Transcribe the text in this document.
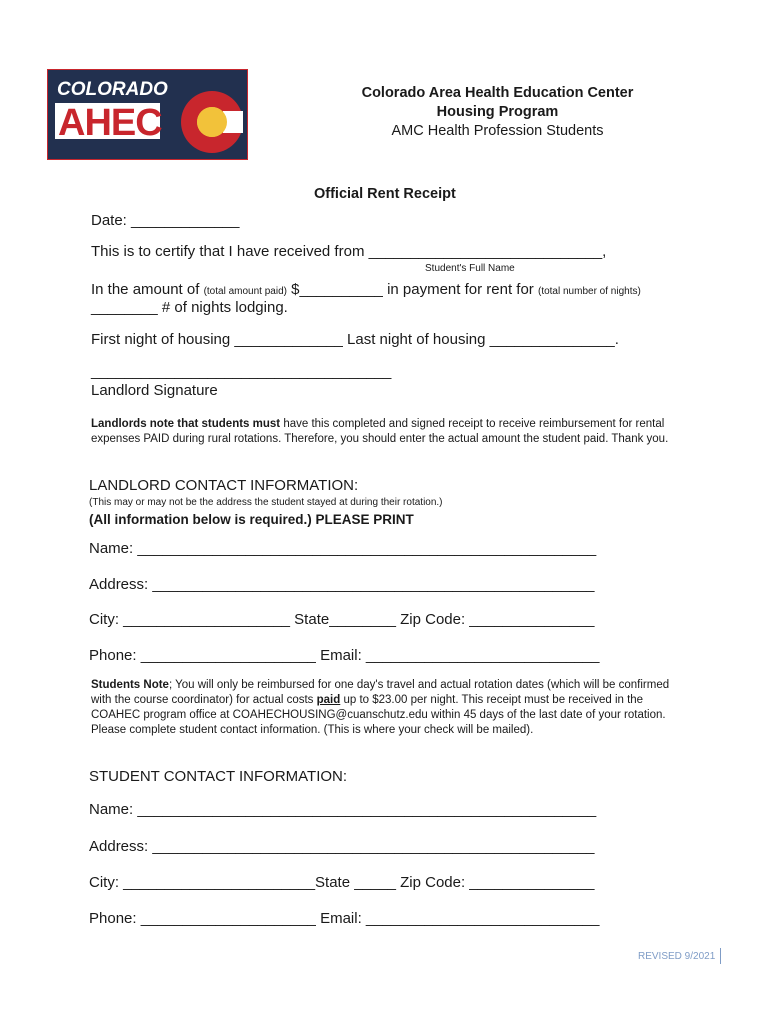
COLORADO
AHEC
Colorado Area Health Education Center
Housing Program
AMC Health Profession Students
Official Rent Receipt
Date: _____________
This is to certify that I have received from ____________________________,
Student's Full Name
In the amount of (total amount paid) $__________ in payment for rent for (total number of nights)
________ # of nights lodging.
First night of housing _____________ Last night of housing _______________.
____________________________________
Landlord Signature
Landlords note that students must have this completed and signed receipt to receive reimbursement for rental expenses PAID during rural rotations. Therefore, you should enter the actual amount the student paid. Thank you.
LANDLORD CONTACT INFORMATION:
(This may or may not be the address the student stayed at during their rotation.)
(All information below is required.) PLEASE PRINT
Name: _______________________________________________________
Address: _____________________________________________________
City: ____________________ State________ Zip Code: _______________
Phone: _____________________ Email: ____________________________
Students Note; You will only be reimbursed for one day's travel and actual rotation dates (which will be confirmed with the course coordinator) for actual costs paid up to $23.00 per night. This receipt must be received in the COAHEC program office at COAHECHOUSING@cuanschutz.edu within 45 days of the last date of your rotation. Please complete student contact information. (This is where your check will be mailed).
STUDENT CONTACT INFORMATION:
Name: _______________________________________________________
Address: _____________________________________________________
City: _______________________State _____ Zip Code: _______________
Phone: _____________________ Email: ____________________________
REVISED 9/2021
